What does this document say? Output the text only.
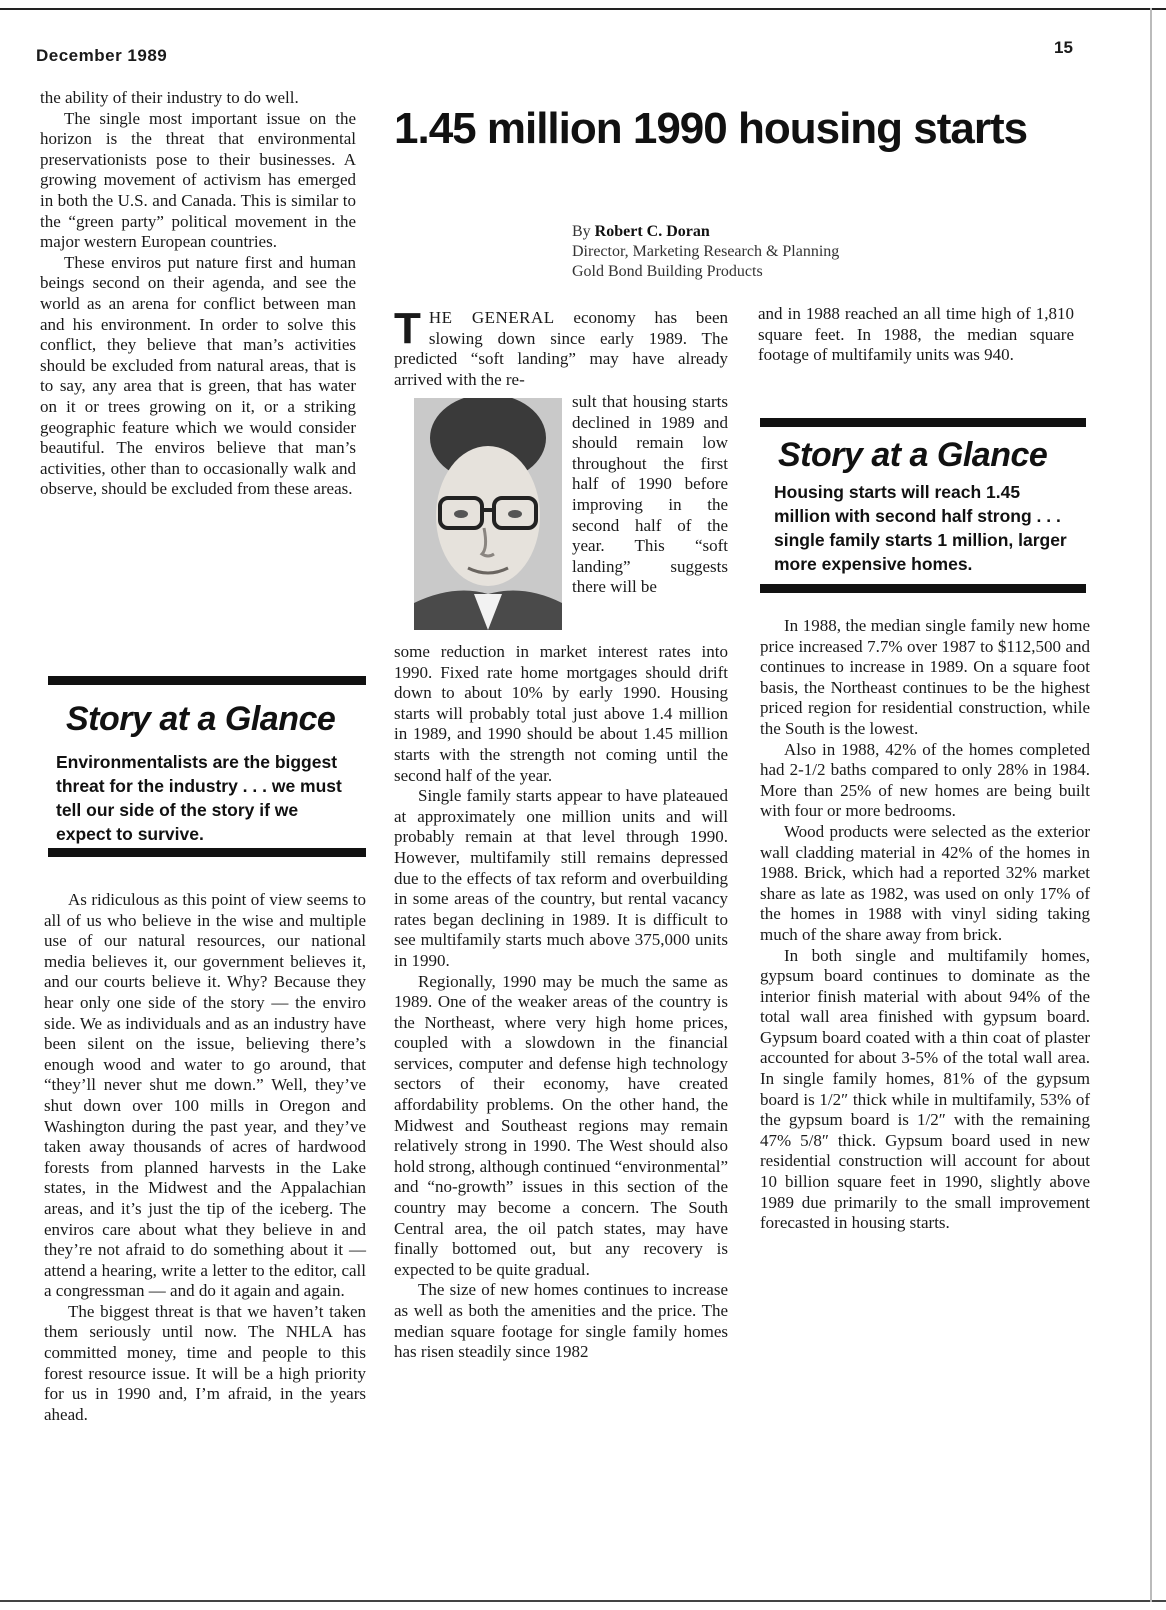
December 1989	15

the ability of their industry to do well.

The single most important issue on the horizon is the threat that environmental preservationists pose to their businesses. A growing movement of activism has emerged in both the U.S. and Canada. This is similar to the “green party” political movement in the major western European countries.

These enviros put nature first and human beings second on their agenda, and see the world as an arena for conflict between man and his environment. In order to solve this conflict, they believe that man’s activities should be excluded from natural areas, that is to say, any area that is green, that has water on it or trees growing on it, or a striking geographic feature which we would consider beautiful. The enviros believe that man’s activities, other than to occasionally walk and observe, should be excluded from these areas.

Story at a Glance
Environmentalists are the biggest threat for the industry . . . we must tell our side of the story if we expect to survive.

As ridiculous as this point of view seems to all of us who believe in the wise and multiple use of our natural resources, our national media believes it, our government believes it, and our courts believe it. Why? Because they hear only one side of the story — the enviro side. We as individuals and as an industry have been silent on the issue, believing there’s enough wood and water to go around, that “they’ll never shut me down.” Well, they’ve shut down over 100 mills in Oregon and Washington during the past year, and they’ve taken away thousands of acres of hardwood forests from planned harvests in the Lake states, in the Midwest and the Appalachian areas, and it’s just the tip of the iceberg. The enviros care about what they believe in and they’re not afraid to do something about it — attend a hearing, write a letter to the editor, call a congressman — and do it again and again.

The biggest threat is that we haven’t taken them seriously until now. The NHLA has committed money, time and people to this forest resource issue. It will be a high priority for us in 1990 and, I’m afraid, in the years ahead.

1.45 million 1990 housing starts
By Robert C. Doran
Director, Marketing Research & Planning
Gold Bond Building Products

THE GENERAL economy has been slowing down since early 1989. The predicted “soft landing” may have already arrived with the re-

sult that housing starts declined in 1989 and should remain low throughout the first half of 1990 before improving in the second half of the year. This “soft landing” suggests there will be

some reduction in market interest rates into 1990. Fixed rate home mortgages should drift down to about 10% by early 1990. Housing starts will probably total just above 1.4 million in 1989, and 1990 should be about 1.45 million starts with the strength not coming until the second half of the year.

Single family starts appear to have plateaued at approximately one million units and will probably remain at that level through 1990. However, multifamily still remains depressed due to the effects of tax reform and overbuilding in some areas of the country, but rental vacancy rates began declining in 1989. It is difficult to see multifamily starts much above 375,000 units in 1990.

Regionally, 1990 may be much the same as 1989. One of the weaker areas of the country is the Northeast, where very high home prices, coupled with a slowdown in the financial services, computer and defense high technology sectors of their economy, have created affordability problems. On the other hand, the Midwest and Southeast regions may remain relatively strong in 1990. The West should also hold strong, although continued “environmental” and “no-growth” issues in this section of the country may become a concern. The South Central area, the oil patch states, may have finally bottomed out, but any recovery is expected to be quite gradual.

The size of new homes continues to increase as well as both the amenities and the price. The median square footage for single family homes has risen steadily since 1982

and in 1988 reached an all time high of 1,810 square feet. In 1988, the median square footage of multifamily units was 940.

Story at a Glance
Housing starts will reach 1.45 million with second half strong . . . single family starts 1 million, larger more expensive homes.

In 1988, the median single family new home price increased 7.7% over 1987 to $112,500 and continues to increase in 1989. On a square foot basis, the Northeast continues to be the highest priced region for residential construction, while the South is the lowest.

Also in 1988, 42% of the homes completed had 2-1/2 baths compared to only 28% in 1984. More than 25% of new homes are being built with four or more bedrooms.

Wood products were selected as the exterior wall cladding material in 42% of the homes in 1988. Brick, which had a reported 32% market share as late as 1982, was used on only 17% of the homes in 1988 with vinyl siding taking much of the share away from brick.

In both single and multifamily homes, gypsum board continues to dominate as the interior finish material with about 94% of the total wall area finished with gypsum board. Gypsum board coated with a thin coat of plaster accounted for about 3-5% of the total wall area. In single family homes, 81% of the gypsum board is 1/2″ thick while in multifamily, 53% of the gypsum board is 1/2″ with the remaining 47% 5/8″ thick. Gypsum board used in new residential construction will account for about 10 billion square feet in 1990, slightly above 1989 due primarily to the small improvement forecasted in housing starts.
